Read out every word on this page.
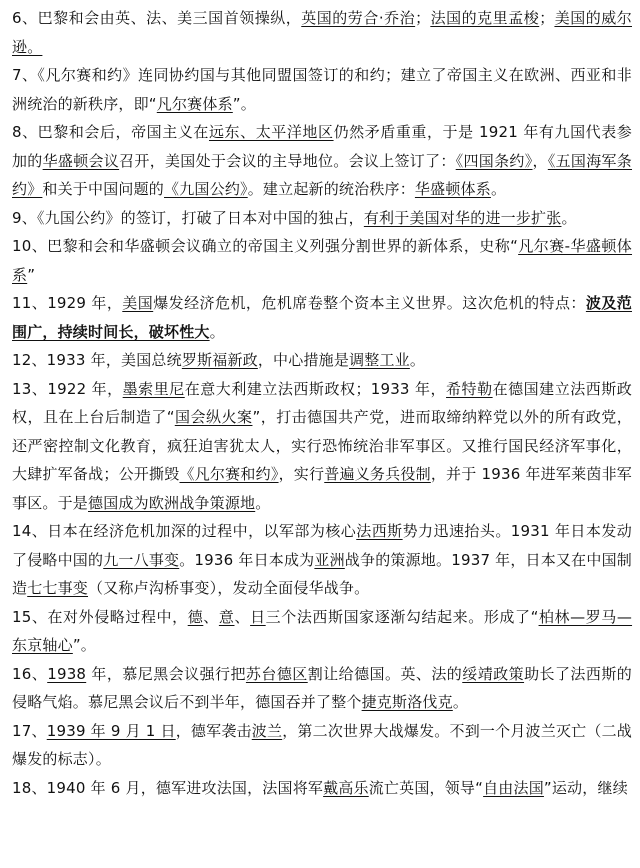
6、巴黎和会由英、法、美三国首领操纵，英国的劳合·乔治；法国的克里孟梭；美国的威尔逊。

7、《凡尔赛和约》连同协约国与其他同盟国签订的和约；建立了帝国主义在欧洲、西亚和非洲统治的新秩序，即“凡尔赛体系”。

8、巴黎和会后，帝国主义在远东、太平洋地区仍然矛盾重重，于是 1921 年有九国代表参加的华盛顿会议召开，美国处于会议的主导地位。会议上签订了：《四国条约》，《五国海军条约》和关于中国问题的《九国公约》。建立起新的统治秩序：华盛顿体系。

9、《九国公约》的签订，打破了日本对中国的独占，有利于美国对华的进一步扩张。

10、巴黎和会和华盛顿会议确立的帝国主义列强分割世界的新体系，史称“凡尔赛-华盛顿体系”

11、1929 年，美国爆发经济危机，危机席卷整个资本主义世界。这次危机的特点：波及范围广，持续时间长，破坏性大。

12、1933 年，美国总统罗斯福新政，中心措施是调整工业。

13、1922 年，墨索里尼在意大利建立法西斯政权；1933 年，希特勒在德国建立法西斯政权，且在上台后制造了“国会纵火案”，打击德国共产党，进而取缔纳粹党以外的所有政党，还严密控制文化教育，疯狂迫害犹太人，实行恐怖统治非军事区。又推行国民经济军事化，大肆扩军备战；公开撕毁《凡尔赛和约》，实行普遍义务兵役制，并于 1936 年进军莱茵非军事区。于是德国成为欧洲战争策源地。

14、日本在经济危机加深的过程中，以军部为核心法西斯势力迅速抬头。1931 年日本发动了侵略中国的九一八事变。1936 年日本成为亚洲战争的策源地。1937 年，日本又在中国制造七七事变（又称卢沟桥事变），发动全面侵华战争。

15、在对外侵略过程中，德、意、日三个法西斯国家逐渐勾结起来。形成了“柏林—罗马—东京轴心”。

16、1938 年，慕尼黑会议强行把苏台德区割让给德国。英、法的绥靖政策助长了法西斯的侵略气焰。慕尼黑会议后不到半年，德国吞并了整个捷克斯洛伐克。

17、1939 年 9 月 1 日，德军袭击波兰，第二次世界大战爆发。不到一个月波兰灭亡（二战爆发的标志）。

18、1940 年 6 月，德军进攻法国，法国将军戴高乐流亡英国，领导“自由法国”运动，继续
